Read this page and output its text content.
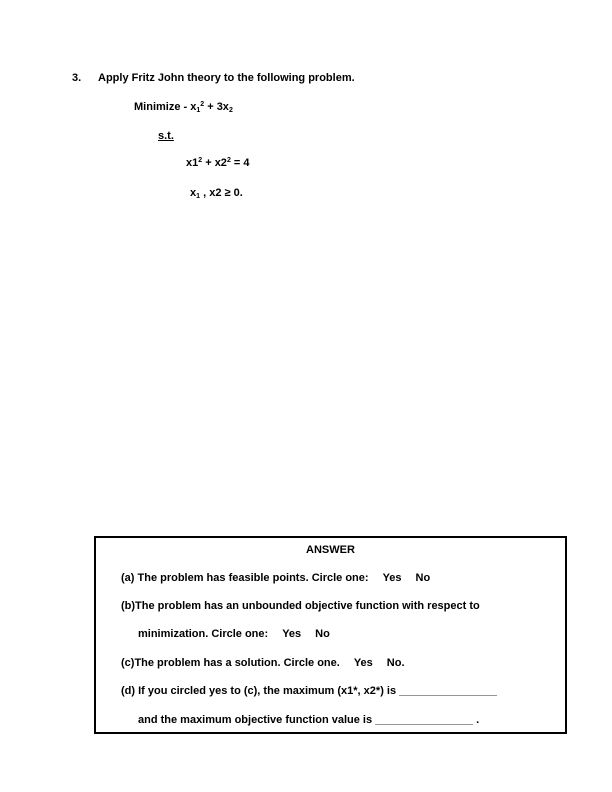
3. Apply Fritz John theory to the following problem.
Minimize - $x_1^2 + 3x_2$
s.t.
$x1^2 + x2^2 = 4$
$x_1$ , x2 ≥ 0.
ANSWER
(a) The problem has feasible points. Circle one: Yes No
(b)The problem has an unbounded objective function with respect to
minimization. Circle one: Yes No
(c)The problem has a solution. Circle one. Yes No.
(d) If you circled yes to (c), the maximum (x1*, x2*) is ________________
and the maximum objective function value is ________________ .
